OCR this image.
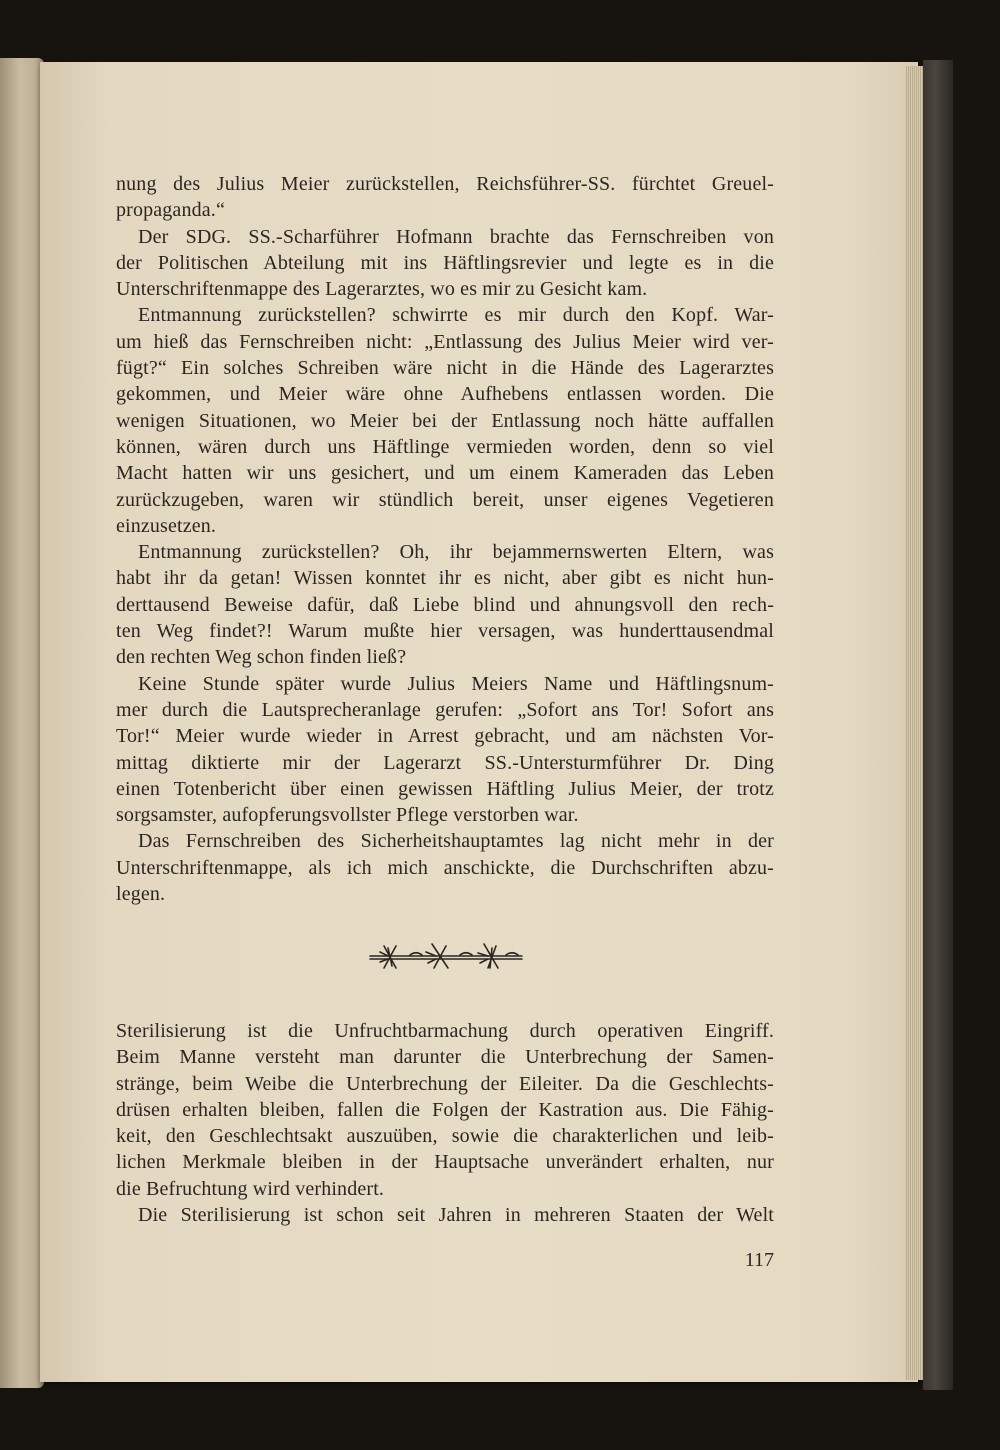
nung des Julius Meier zurückstellen, Reichsführer-SS. fürchtet Greuel-
propaganda.“
Der SDG. SS.-Scharführer Hofmann brachte das Fernschreiben von
der Politischen Abteilung mit ins Häftlingsrevier und legte es in die
Unterschriftenmappe des Lagerarztes, wo es mir zu Gesicht kam.
Entmannung zurückstellen? schwirrte es mir durch den Kopf. War-
um hieß das Fernschreiben nicht: „Entlassung des Julius Meier wird ver-
fügt?“ Ein solches Schreiben wäre nicht in die Hände des Lagerarztes
gekommen, und Meier wäre ohne Aufhebens entlassen worden. Die
wenigen Situationen, wo Meier bei der Entlassung noch hätte auffallen
können, wären durch uns Häftlinge vermieden worden, denn so viel
Macht hatten wir uns gesichert, und um einem Kameraden das Leben
zurückzugeben, waren wir stündlich bereit, unser eigenes Vegetieren
einzusetzen.
Entmannung zurückstellen? Oh, ihr bejammernswerten Eltern, was
habt ihr da getan! Wissen konntet ihr es nicht, aber gibt es nicht hun-
derttausend Beweise dafür, daß Liebe blind und ahnungsvoll den rech-
ten Weg findet?! Warum mußte hier versagen, was hunderttausendmal
den rechten Weg schon finden ließ?
Keine Stunde später wurde Julius Meiers Name und Häftlingsnum-
mer durch die Lautsprecheranlage gerufen: „Sofort ans Tor! Sofort ans
Tor!“ Meier wurde wieder in Arrest gebracht, und am nächsten Vor-
mittag diktierte mir der Lagerarzt SS.-Untersturmführer Dr. Ding
einen Totenbericht über einen gewissen Häftling Julius Meier, der trotz
sorgsamster, aufopferungsvollster Pflege verstorben war.
Das Fernschreiben des Sicherheitshauptamtes lag nicht mehr in der
Unterschriftenmappe, als ich mich anschickte, die Durchschriften abzu-
legen.
Sterilisierung ist die Unfruchtbarmachung durch operativen Eingriff.
Beim Manne versteht man darunter die Unterbrechung der Samen-
stränge, beim Weibe die Unterbrechung der Eileiter. Da die Geschlechts-
drüsen erhalten bleiben, fallen die Folgen der Kastration aus. Die Fähig-
keit, den Geschlechtsakt auszuüben, sowie die charakterlichen und leib-
lichen Merkmale bleiben in der Hauptsache unverändert erhalten, nur
die Befruchtung wird verhindert.
Die Sterilisierung ist schon seit Jahren in mehreren Staaten der Welt
117
